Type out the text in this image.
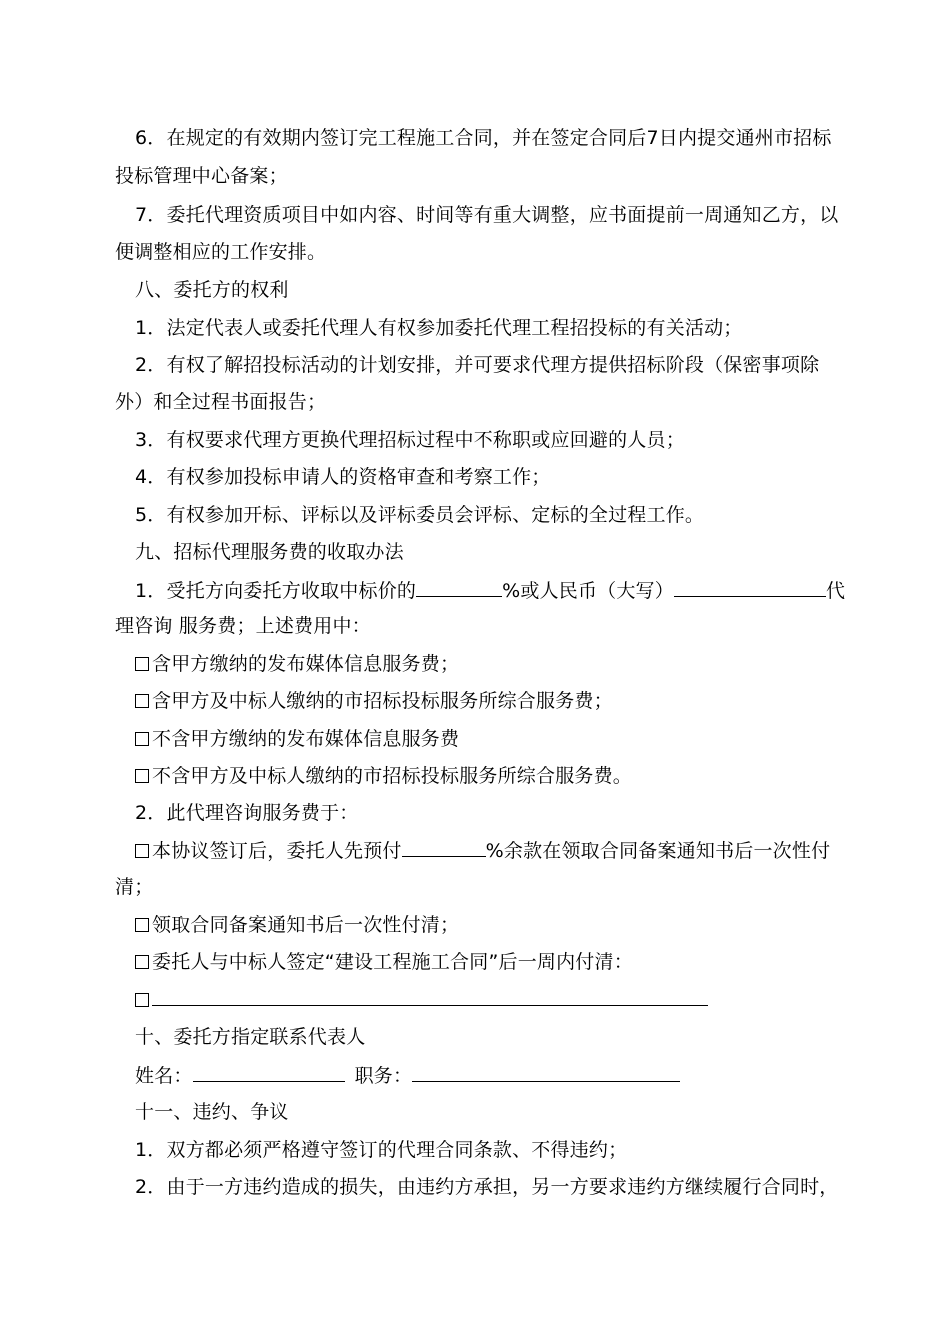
6．在规定的有效期内签订完工程施工合同，并在签定合同后7日内提交通州市招标
投标管理中心备案；
7．委托代理资质项目中如内容、时间等有重大调整，应书面提前一周通知乙方，以
便调整相应的工作安排。
八、委托方的权利
1．法定代表人或委托代理人有权参加委托代理工程招投标的有关活动；
2．有权了解招投标活动的计划安排，并可要求代理方提供招标阶段（保密事项除
外）和全过程书面报告；
3．有权要求代理方更换代理招标过程中不称职或应回避的人员；
4．有权参加投标申请人的资格审查和考察工作；
5．有权参加开标、评标以及评标委员会评标、定标的全过程工作。
九、招标代理服务费的收取办法
1．受托方向委托方收取中标价的	%或人民币（大写）	代
理咨询 服务费；上述费用中：
含甲方缴纳的发布媒体信息服务费；
含甲方及中标人缴纳的市招标投标服务所综合服务费；
不含甲方缴纳的发布媒体信息服务费
不含甲方及中标人缴纳的市招标投标服务所综合服务费。
2．此代理咨询服务费于：
本协议签订后，委托人先预付	%余款在领取合同备案通知书后一次性付
清；
领取合同备案通知书后一次性付清；
委托人与中标人签定“建设工程施工合同”后一周内付清：
十、委托方指定联系代表人
姓名：	职务：
十一、违约、争议
1．双方都必须严格遵守签订的代理合同条款、不得违约；
2．由于一方违约造成的损失，由违约方承担，另一方要求违约方继续履行合同时，
